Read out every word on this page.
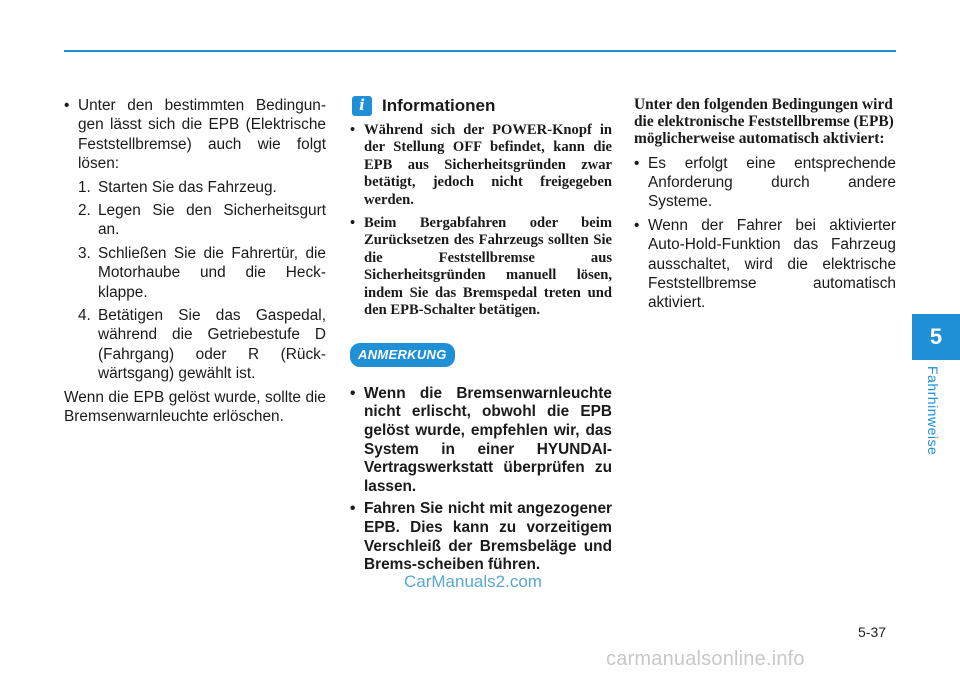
5
Fahrhinweise
• Unter den bestimmten Bedingun-gen lässt sich die EPB (Elektrische Feststellbremse) auch wie folgt lösen:
1. Starten Sie das Fahrzeug.
2. Legen Sie den Sicherheitsgurt an.
3. Schließen Sie die Fahrertür, die Motorhaube und die Heck-klappe.
4. Betätigen Sie das Gaspedal, während die Getriebestufe D (Fahrgang) oder R (Rück-wärtsgang) gewählt ist.
Wenn die EPB gelöst wurde, sollte die Bremsenwarnleuchte erlöschen.
i	Informationen
• Während sich der POWER-Knopf in der Stellung OFF befindet, kann die EPB aus Sicherheitsgründen zwar betätigt, jedoch nicht freigegeben werden.
• Beim Bergabfahren oder beim Zurücksetzen des Fahrzeugs sollten Sie die Feststellbremse aus Sicherheitsgründen manuell lösen, indem Sie das Bremspedal treten und den EPB-Schalter betätigen.
ANMERKUNG
• Wenn die Bremsenwarnleuchte nicht erlischt, obwohl die EPB gelöst wurde, empfehlen wir, das System in einer HYUNDAI-Vertragswerkstatt überprüfen zu lassen.
• Fahren Sie nicht mit angezogener EPB. Dies kann zu vorzeitigem Verschleiß der Bremsbeläge und Brems-scheiben führen.
Unter den folgenden Bedingungen wird die elektronische Feststellbremse (EPB) möglicherweise automatisch aktiviert:
• Es erfolgt eine entsprechende Anforderung durch andere Systeme.
• Wenn der Fahrer bei aktivierter Auto-Hold-Funktion das Fahrzeug ausschaltet, wird die elektrische Feststellbremse automatisch aktiviert.
CarManuals2.com
5-37
carmanualsonline.info
